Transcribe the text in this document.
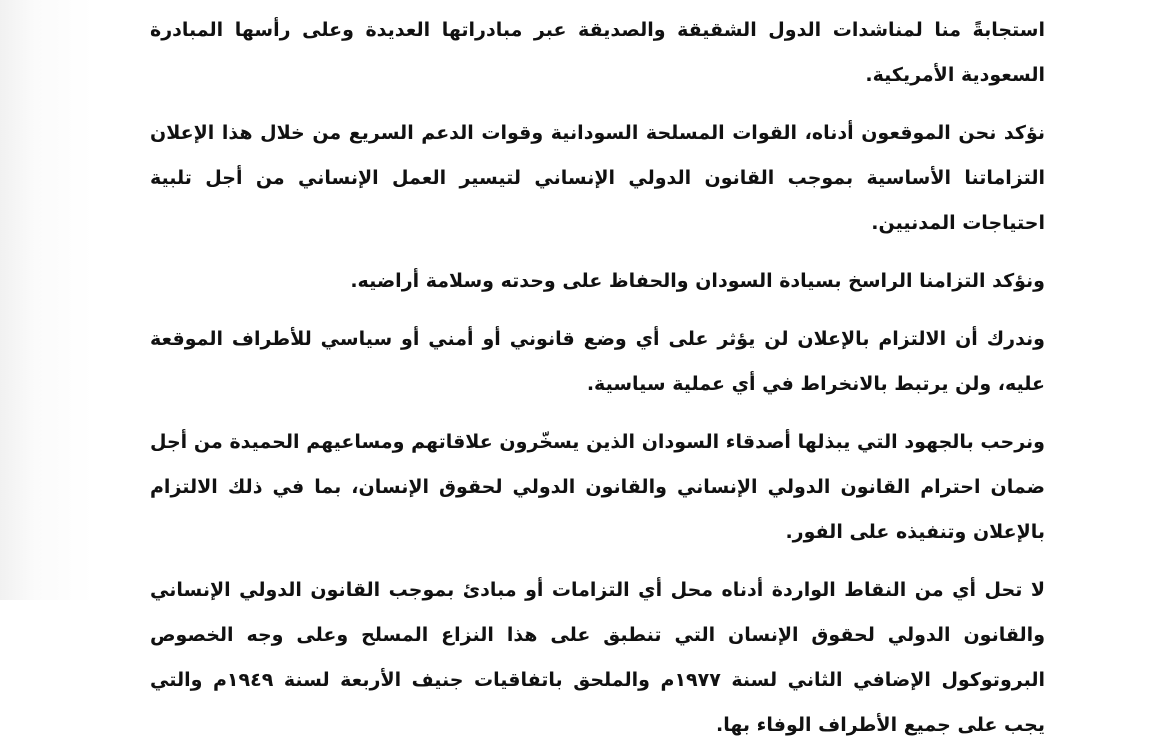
استجابةً منا لمناشدات الدول الشقيقة والصديقة عبر مبادراتها العديدة وعلى رأسها المبادرة السعودية الأمريكية.

نؤكد نحن الموقعون أدناه، القوات المسلحة السودانية وقوات الدعم السريع من خلال هذا الإعلان التزاماتنا الأساسية بموجب القانون الدولي الإنساني لتيسير العمل الإنساني من أجل تلبية احتياجات المدنيين.

ونؤكد التزامنا الراسخ بسيادة السودان والحفاظ على وحدته وسلامة أراضيه.

وندرك أن الالتزام بالإعلان لن يؤثر على أي وضع قانوني أو أمني أو سياسي للأطراف الموقعة عليه، ولن يرتبط بالانخراط في أي عملية سياسية.

ونرحب بالجهود التي يبذلها أصدقاء السودان الذين يسخّرون علاقاتهم ومساعيهم الحميدة من أجل ضمان احترام القانون الدولي الإنساني والقانون الدولي لحقوق الإنسان، بما في ذلك الالتزام بالإعلان وتنفيذه على الفور.

لا تحل أي من النقاط الواردة أدناه محل أي التزامات أو مبادئ بموجب القانون الدولي الإنساني والقانون الدولي لحقوق الإنسان التي تنطبق على هذا النزاع المسلح وعلى وجه الخصوص البروتوكول الإضافي الثاني لسنة ١٩٧٧م والملحق باتفاقيات جنيف الأربعة لسنة ١٩٤٩م والتي يجب على جميع الأطراف الوفاء بها.
